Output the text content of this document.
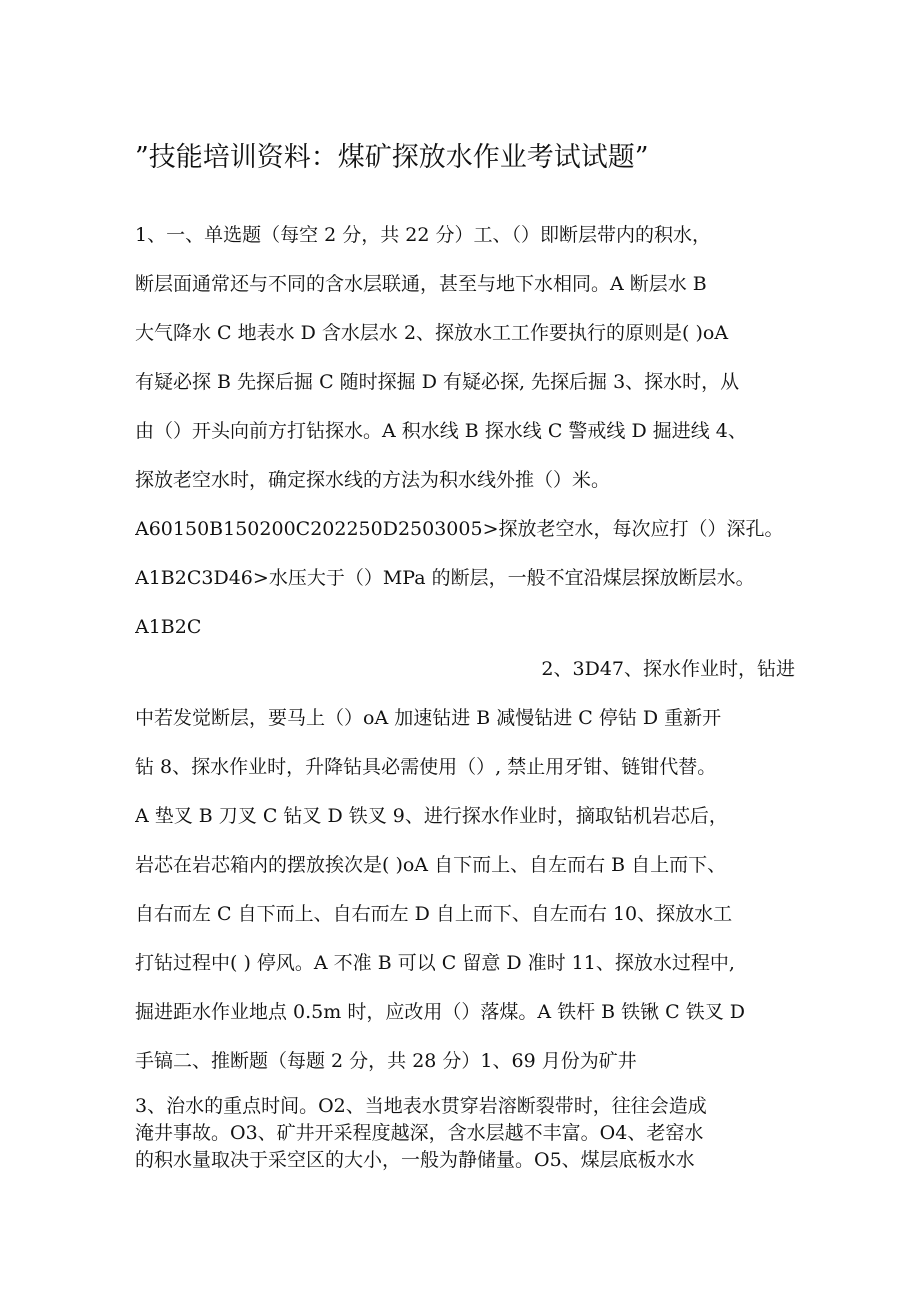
”技能培训资料：煤矿探放水作业考试试题”
1、一、单选题（每空 2 分，共 22 分）工、（）即断层带内的积水，
断层面通常还与不同的含水层联通，甚至与地下水相同。A 断层水 B
大气降水 C 地表水 D 含水层水 2、探放水工工作要执行的原则是( )oA
有疑必探 B 先探后掘 C 随时探掘 D 有疑必探, 先探后掘 3、探水时，从
由（）开头向前方打钻探水。A 积水线 B 探水线 C 警戒线 D 掘进线 4、
探放老空水时，确定探水线的方法为积水线外推（）米。
A60150B150200C202250D2503005>探放老空水，每次应打（）深孔。
A1B2C3D46>水压大于（）MPa 的断层，一般不宜沿煤层探放断层水。
A1B2C
2、3D47、探水作业时，钻进
中若发觉断层，要马上（）oA 加速钻进 B 减慢钻进 C 停钻 D 重新开
钻 8、探水作业时，升降钻具必需使用（）, 禁止用牙钳、链钳代替。
A 垫叉 B 刀叉 C 钻叉 D 铁叉 9、进行探水作业时，摘取钻机岩芯后，
岩芯在岩芯箱内的摆放挨次是( )oA 自下而上、自左而右 B 自上而下、
自右而左 C 自下而上、自右而左 D 自上而下、自左而右 10、探放水工
打钻过程中( ) 停风。A 不准 B 可以 C 留意 D 准时 11、探放水过程中,
掘进距水作业地点 0.5m 时，应改用（）落煤。A 铁杆 B 铁锹 C 铁叉 D
手镐二、推断题（每题 2 分，共 28 分）1、69 月份为矿井
3、治水的重点时间。O2、当地表水贯穿岩溶断裂带时，往往会造成
淹井事故。O3、矿井开采程度越深，含水层越不丰富。O4、老窑水
的积水量取决于采空区的大小，一般为静储量。O5、煤层底板水水
